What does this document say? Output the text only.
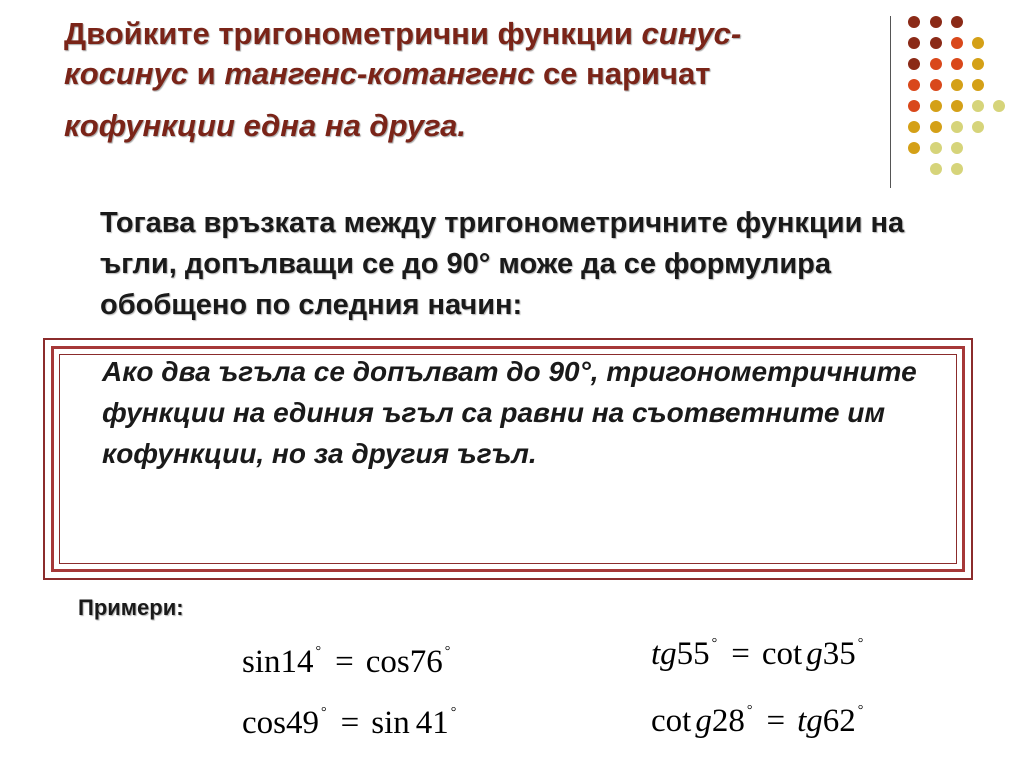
Двойките тригонометрични функции синус-косинус и тангенс-котангенс се наричат
кофункции една на друга.
Тогава връзката между тригонометричните функции на ъгли, допълващи се до 90° може да се формулира обобщено по следния начин:
Ако два ъгъла се допълват до 90°, тригонометричните функции на единия ъгъл са равни на съответните им кофункции, но за другия ъгъл.
Примери:
sin14 ° = cos76 °
cos49 ° = sin 41 °
tg55 ° = cot g35 °
cot g28 ° = tg62 °
